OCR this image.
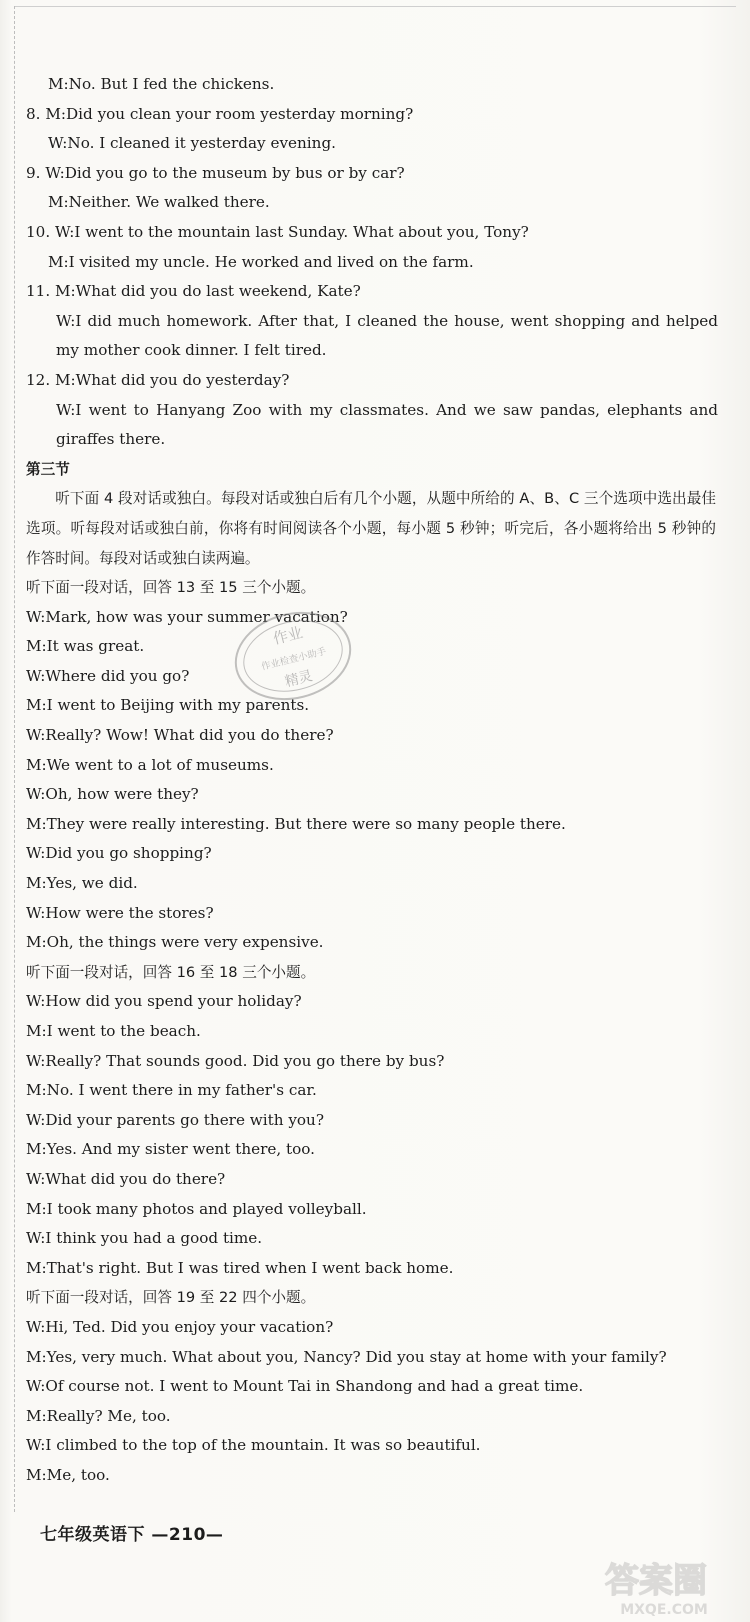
M:No. But I fed the chickens.
8. M:Did you clean your room yesterday morning?
W:No. I cleaned it yesterday evening.
9. W:Did you go to the museum by bus or by car?
M:Neither. We walked there.
10. W:I went to the mountain last Sunday. What about you, Tony?
M:I visited my uncle. He worked and lived on the farm.
11. M:What did you do last weekend, Kate?
W:I did much homework. After that, I cleaned the house, went shopping and helped my mother cook dinner. I felt tired.
12. M:What did you do yesterday?
W:I went to Hanyang Zoo with my classmates. And we saw pandas, elephants and giraffes there.
第三节
听下面 4 段对话或独白。每段对话或独白后有几个小题，从题中所给的 A、B、C 三个选项中选出最佳选项。听每段对话或独白前，你将有时间阅读各个小题，每小题 5 秒钟；听完后，各小题将给出 5 秒钟的作答时间。每段对话或独白读两遍。
听下面一段对话，回答 13 至 15 三个小题。
W:Mark, how was your summer vacation?
M:It was great.
W:Where did you go?
M:I went to Beijing with my parents.
W:Really? Wow! What did you do there?
M:We went to a lot of museums.
W:Oh, how were they?
M:They were really interesting. But there were so many people there.
W:Did you go shopping?
M:Yes, we did.
W:How were the stores?
M:Oh, the things were very expensive.
听下面一段对话，回答 16 至 18 三个小题。
W:How did you spend your holiday?
M:I went to the beach.
W:Really? That sounds good. Did you go there by bus?
M:No. I went there in my father's car.
W:Did your parents go there with you?
M:Yes. And my sister went there, too.
W:What did you do there?
M:I took many photos and played volleyball.
W:I think you had a good time.
M:That's right. But I was tired when I went back home.
听下面一段对话，回答 19 至 22 四个小题。
W:Hi, Ted. Did you enjoy your vacation?
M:Yes, very much. What about you, Nancy? Did you stay at home with your family?
W:Of course not. I went to Mount Tai in Shandong and had a great time.
M:Really? Me, too.
W:I climbed to the top of the mountain. It was so beautiful.
M:Me, too.
七年级英语下 —210—
作业
作业检查小助手
精灵
答案圈
MXQE.COM
